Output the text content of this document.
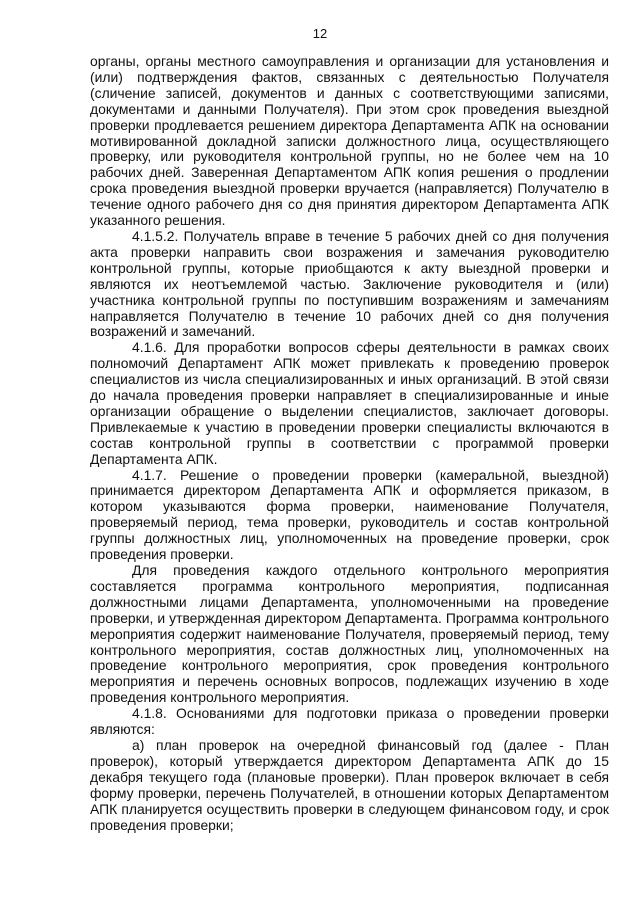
12

органы, органы местного самоуправления и организации для установления и (или) подтверждения фактов, связанных с деятельностью Получателя (сличение записей, документов и данных с соответствующими записями, документами и данными Получателя). При этом срок проведения выездной проверки продлевается решением директора Департамента АПК на основании мотивированной докладной записки должностного лица, осуществляющего проверку, или руководителя контрольной группы, но не более чем на 10 рабочих дней. Заверенная Департаментом АПК копия решения о продлении срока проведения выездной проверки вручается (направляется) Получателю в течение одного рабочего дня со дня принятия директором Департамента АПК указанного решения.

4.1.5.2. Получатель вправе в течение 5 рабочих дней со дня получения акта проверки направить свои возражения и замечания руководителю контрольной группы, которые приобщаются к акту выездной проверки и являются их неотъемлемой частью. Заключение руководителя и (или) участника контрольной группы по поступившим возражениям и замечаниям направляется Получателю в течение 10 рабочих дней со дня получения возражений и замечаний.

4.1.6. Для проработки вопросов сферы деятельности в рамках своих полномочий Департамент АПК может привлекать к проведению проверок специалистов из числа специализированных и иных организаций. В этой связи до начала проведения проверки направляет в специализированные и иные организации обращение о выделении специалистов, заключает договоры. Привлекаемые к участию в проведении проверки специалисты включаются в состав контрольной группы в соответствии с программой проверки Департамента АПК.

4.1.7. Решение о проведении проверки (камеральной, выездной) принимается директором Департамента АПК и оформляется приказом, в котором указываются форма проверки, наименование Получателя, проверяемый период, тема проверки, руководитель и состав контрольной группы должностных лиц, уполномоченных на проведение проверки, срок проведения проверки.

Для проведения каждого отдельного контрольного мероприятия составляется программа контрольного мероприятия, подписанная должностными лицами Департамента, уполномоченными на проведение проверки, и утвержденная директором Департамента. Программа контрольного мероприятия содержит наименование Получателя, проверяемый период, тему контрольного мероприятия, состав должностных лиц, уполномоченных на проведение контрольного мероприятия, срок проведения контрольного мероприятия и перечень основных вопросов, подлежащих изучению в ходе проведения контрольного мероприятия.

4.1.8. Основаниями для подготовки приказа о проведении проверки являются:

а) план проверок на очередной финансовый год (далее - План проверок), который утверждается директором Департамента АПК до 15 декабря текущего года (плановые проверки). План проверок включает в себя форму проверки, перечень Получателей, в отношении которых Департаментом АПК планируется осуществить проверки в следующем финансовом году, и срок проведения проверки;
